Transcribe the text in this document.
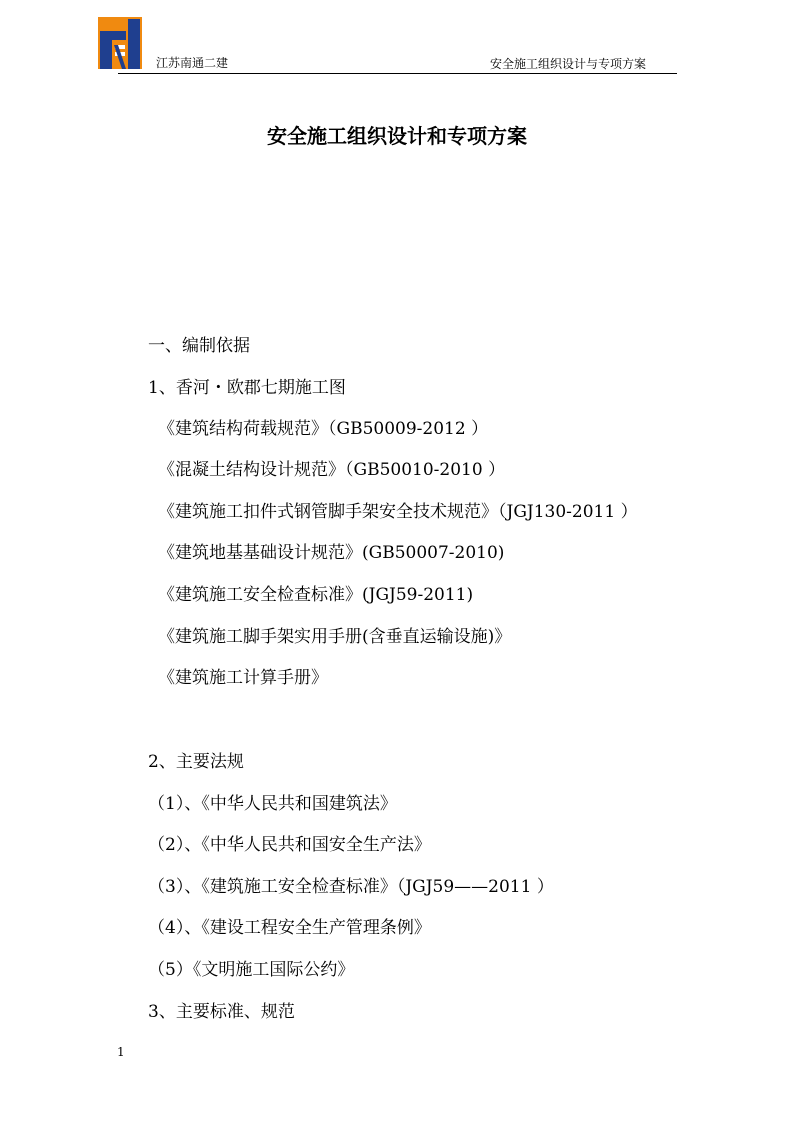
江苏南通二建	安全施工组织设计与专项方案
安全施工组织设计和专项方案
一、编制依据
1、香河・欧郡七期施工图
《建筑结构荷载规范》（GB50009-2012 ）
《混凝土结构设计规范》（GB50010-2010 ）
《建筑施工扣件式钢管脚手架安全技术规范》（JGJ130-2011 ）
《建筑地基基础设计规范》(GB50007-2010)
《建筑施工安全检查标准》(JGJ59-2011)
《建筑施工脚手架实用手册(含垂直运输设施)》
《建筑施工计算手册》
2、主要法规
（1）、《中华人民共和国建筑法》
（2）、《中华人民共和国安全生产法》
（3）、《建筑施工安全检查标准》（JGJ59——2011 ）
（4）、《建设工程安全生产管理条例》
（5）《文明施工国际公约》
3、主要标准、规范
1
